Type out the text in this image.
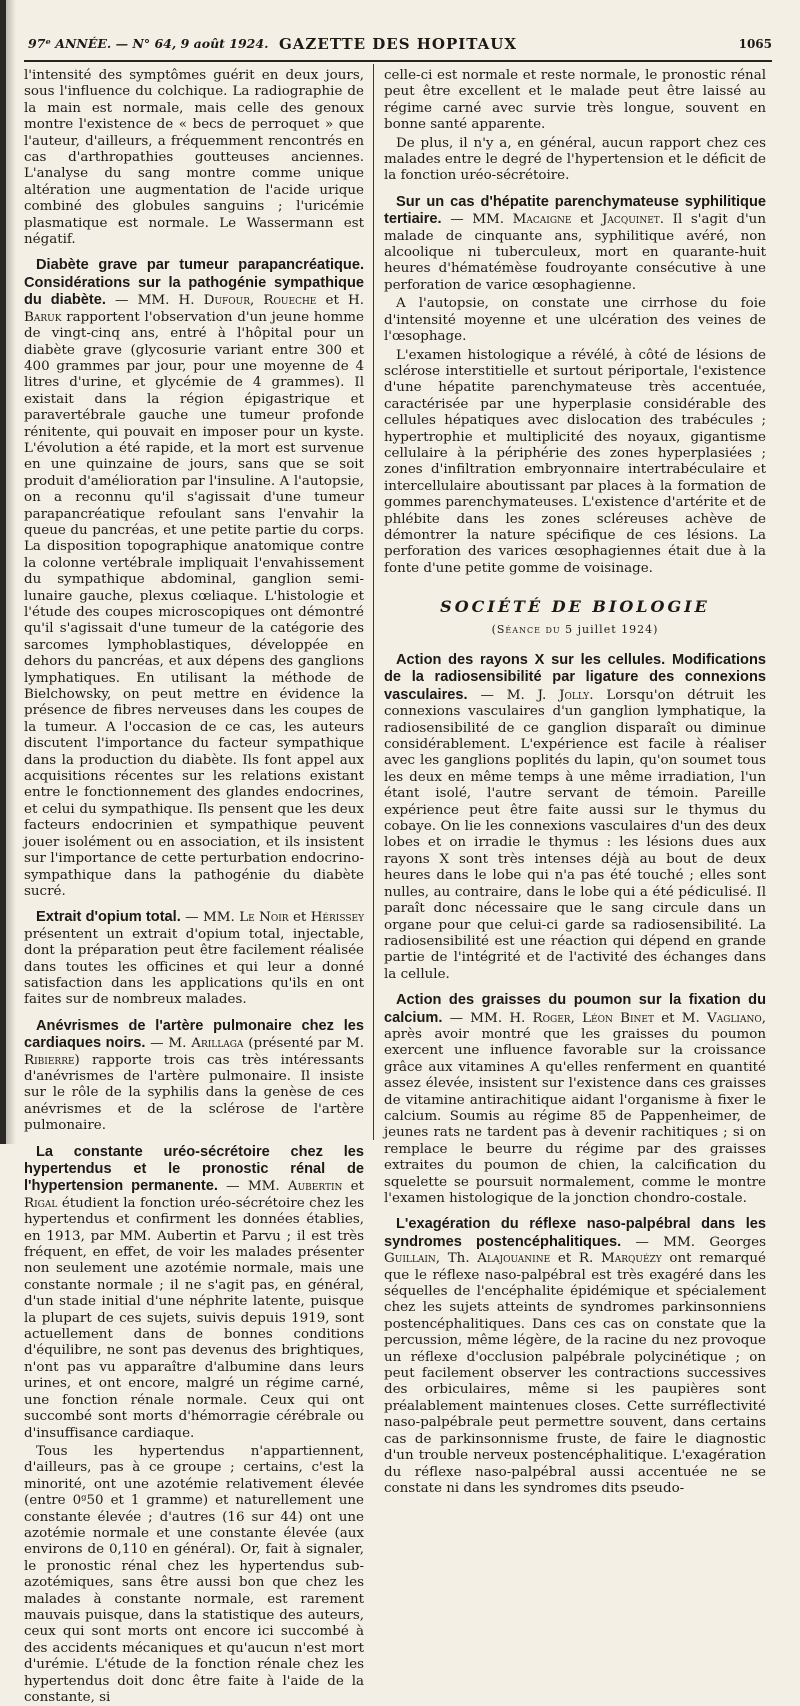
97ᵉ ANNÉE. — N° 64, 9 août 1924. GAZETTE DES HOPITAUX	1065

l'intensité des symptômes guérit en deux jours, sous l'influence du colchique. La radiographie de la main est normale, mais celle des genoux montre l'existence de « becs de perroquet » que l'auteur, d'ailleurs, a fréquemment rencontrés en cas d'arthropathies goutteuses anciennes. L'analyse du sang montre comme unique altération une augmentation de l'acide urique combiné des globules sanguins ; l'uricémie plasmatique est normale. Le Wassermann est négatif.

Diabète grave par tumeur parapancréatique. Considérations sur la pathogénie sympathique du diabète. — MM. H. Dufour, Roueche et H. Baruk rapportent l'observation d'un jeune homme de vingt-cinq ans, entré à l'hôpital pour un diabète grave (glycosurie variant entre 300 et 400 grammes par jour, pour une moyenne de 4 litres d'urine, et glycémie de 4 grammes). Il existait dans la région épigastrique et paravertébrale gauche une tumeur profonde rénitente, qui pouvait en imposer pour un kyste. L'évolution a été rapide, et la mort est survenue en une quinzaine de jours, sans que se soit produit d'amélioration par l'insuline. A l'autopsie, on a reconnu qu'il s'agissait d'une tumeur parapancréatique refoulant sans l'envahir la queue du pancréas, et une petite partie du corps. La disposition topographique anatomique contre la colonne vertébrale impliquait l'envahissement du sympathique abdominal, ganglion semi-lunaire gauche, plexus cœliaque. L'histologie et l'étude des coupes microscopiques ont démontré qu'il s'agissait d'une tumeur de la catégorie des sarcomes lymphoblastiques, développée en dehors du pancréas, et aux dépens des ganglions lymphatiques. En utilisant la méthode de Bielchowsky, on peut mettre en évidence la présence de fibres nerveuses dans les coupes de la tumeur. A l'occasion de ce cas, les auteurs discutent l'importance du facteur sympathique dans la production du diabète. Ils font appel aux acquisitions récentes sur les relations existant entre le fonctionnement des glandes endocrines, et celui du sympathique. Ils pensent que les deux facteurs endocrinien et sympathique peuvent jouer isolément ou en association, et ils insistent sur l'importance de cette perturbation endocrino-sympathique dans la pathogénie du diabète sucré.

Extrait d'opium total. — MM. Le Noir et Hérissey présentent un extrait d'opium total, injectable, dont la préparation peut être facilement réalisée dans toutes les officines et qui leur a donné satisfaction dans les applications qu'ils en ont faites sur de nombreux malades.

Anévrismes de l'artère pulmonaire chez les cardiaques noirs. — M. Arillaga (présenté par M. Ribierre) rapporte trois cas très intéressants d'anévrismes de l'artère pulmonaire. Il insiste sur le rôle de la syphilis dans la genèse de ces anévrismes et de la sclérose de l'artère pulmonaire.

La constante uréo-sécrétoire chez les hypertendus et le pronostic rénal de l'hypertension permanente. — MM. Aubertin et Rigal étudient la fonction uréo-sécrétoire chez les hypertendus et confirment les données établies, en 1913, par MM. Aubertin et Parvu ; il est très fréquent, en effet, de voir les malades présenter non seulement une azotémie normale, mais une constante normale ; il ne s'agit pas, en général, d'un stade initial d'une néphrite latente, puisque la plupart de ces sujets, suivis depuis 1919, sont actuellement dans de bonnes conditions d'équilibre, ne sont pas devenus des brightiques, n'ont pas vu apparaître d'albumine dans leurs urines, et ont encore, malgré un régime carné, une fonction rénale normale. Ceux qui ont succombé sont morts d'hémorragie cérébrale ou d'insuffisance cardiaque.

Tous les hypertendus n'appartiennent, d'ailleurs, pas à ce groupe ; certains, c'est la minorité, ont une azotémie relativement élevée (entre 0ᵍ50 et 1 gramme) et naturellement une constante élevée ; d'autres (16 sur 44) ont une azotémie normale et une constante élevée (aux environs de 0,110 en général). Or, fait à signaler, le pronostic rénal chez les hypertendus sub-azotémiques, sans être aussi bon que chez les malades à constante normale, est rarement mauvais puisque, dans la statistique des auteurs, ceux qui sont morts ont encore ici succombé à des accidents mécaniques et qu'aucun n'est mort d'urémie. L'étude de la fonction rénale chez les hypertendus doit donc être faite à l'aide de la constante, si

celle-ci est normale et reste normale, le pronostic rénal peut être excellent et le malade peut être laissé au régime carné avec survie très longue, souvent en bonne santé apparente.

De plus, il n'y a, en général, aucun rapport chez ces malades entre le degré de l'hypertension et le déficit de la fonction uréo-sécrétoire.

Sur un cas d'hépatite parenchymateuse syphilitique tertiaire. — MM. Macaigne et Jacquinet. Il s'agit d'un malade de cinquante ans, syphilitique avéré, non alcoolique ni tuberculeux, mort en quarante-huit heures d'hématémèse foudroyante consécutive à une perforation de varice œsophagienne.

A l'autopsie, on constate une cirrhose du foie d'intensité moyenne et une ulcération des veines de l'œsophage.

L'examen histologique a révélé, à côté de lésions de sclérose interstitielle et surtout périportale, l'existence d'une hépatite parenchymateuse très accentuée, caractérisée par une hyperplasie considérable des cellules hépatiques avec dislocation des trabécules ; hypertrophie et multiplicité des noyaux, gigantisme cellulaire à la périphérie des zones hyperplasiées ; zones d'infiltration embryonnaire intertrabéculaire et intercellulaire aboutissant par places à la formation de gommes parenchymateuses. L'existence d'artérite et de phlébite dans les zones scléreuses achève de démontrer la nature spécifique de ces lésions. La perforation des varices œsophagiennes était due à la fonte d'une petite gomme de voisinage.

SOCIÉTÉ DE BIOLOGIE
(Séance du 5 juillet 1924)

Action des rayons X sur les cellules. Modifications de la radiosensibilité par ligature des connexions vasculaires. — M. J. Jolly. Lorsqu'on détruit les connexions vasculaires d'un ganglion lymphatique, la radiosensibilité de ce ganglion disparaît ou diminue considérablement. L'expérience est facile à réaliser avec les ganglions poplités du lapin, qu'on soumet tous les deux en même temps à une même irradiation, l'un étant isolé, l'autre servant de témoin. Pareille expérience peut être faite aussi sur le thymus du cobaye. On lie les connexions vasculaires d'un des deux lobes et on irradie le thymus : les lésions dues aux rayons X sont très intenses déjà au bout de deux heures dans le lobe qui n'a pas été touché ; elles sont nulles, au contraire, dans le lobe qui a été pédiculisé. Il paraît donc nécessaire que le sang circule dans un organe pour que celui-ci garde sa radiosensibilité. La radiosensibilité est une réaction qui dépend en grande partie de l'intégrité et de l'activité des échanges dans la cellule.

Action des graisses du poumon sur la fixation du calcium. — MM. H. Roger, Léon Binet et M. Vagliano, après avoir montré que les graisses du poumon exercent une influence favorable sur la croissance grâce aux vitamines A qu'elles renferment en quantité assez élevée, insistent sur l'existence dans ces graisses de vitamine antirachitique aidant l'organisme à fixer le calcium. Soumis au régime 85 de Pappenheimer, de jeunes rats ne tardent pas à devenir rachitiques ; si on remplace le beurre du régime par des graisses extraites du poumon de chien, la calcification du squelette se poursuit normalement, comme le montre l'examen histologique de la jonction chondro-costale.

L'exagération du réflexe naso-palpébral dans les syndromes postencéphalitiques. — MM. Georges Guillain, Th. Alajouanine et R. Marquézy ont remarqué que le réflexe naso-palpébral est très exagéré dans les séquelles de l'encéphalite épidémique et spécialement chez les sujets atteints de syndromes parkinsonniens postencéphalitiques. Dans ces cas on constate que la percussion, même légère, de la racine du nez provoque un réflexe d'occlusion palpébrale polycinétique ; on peut facilement observer les contractions successives des orbiculaires, même si les paupières sont préalablement maintenues closes. Cette surréflectivité naso-palpébrale peut permettre souvent, dans certains cas de parkinsonnisme fruste, de faire le diagnostic d'un trouble nerveux postencéphalitique. L'exagération du réflexe naso-palpébral aussi accentuée ne se constate ni dans les syndromes dits pseudo-
